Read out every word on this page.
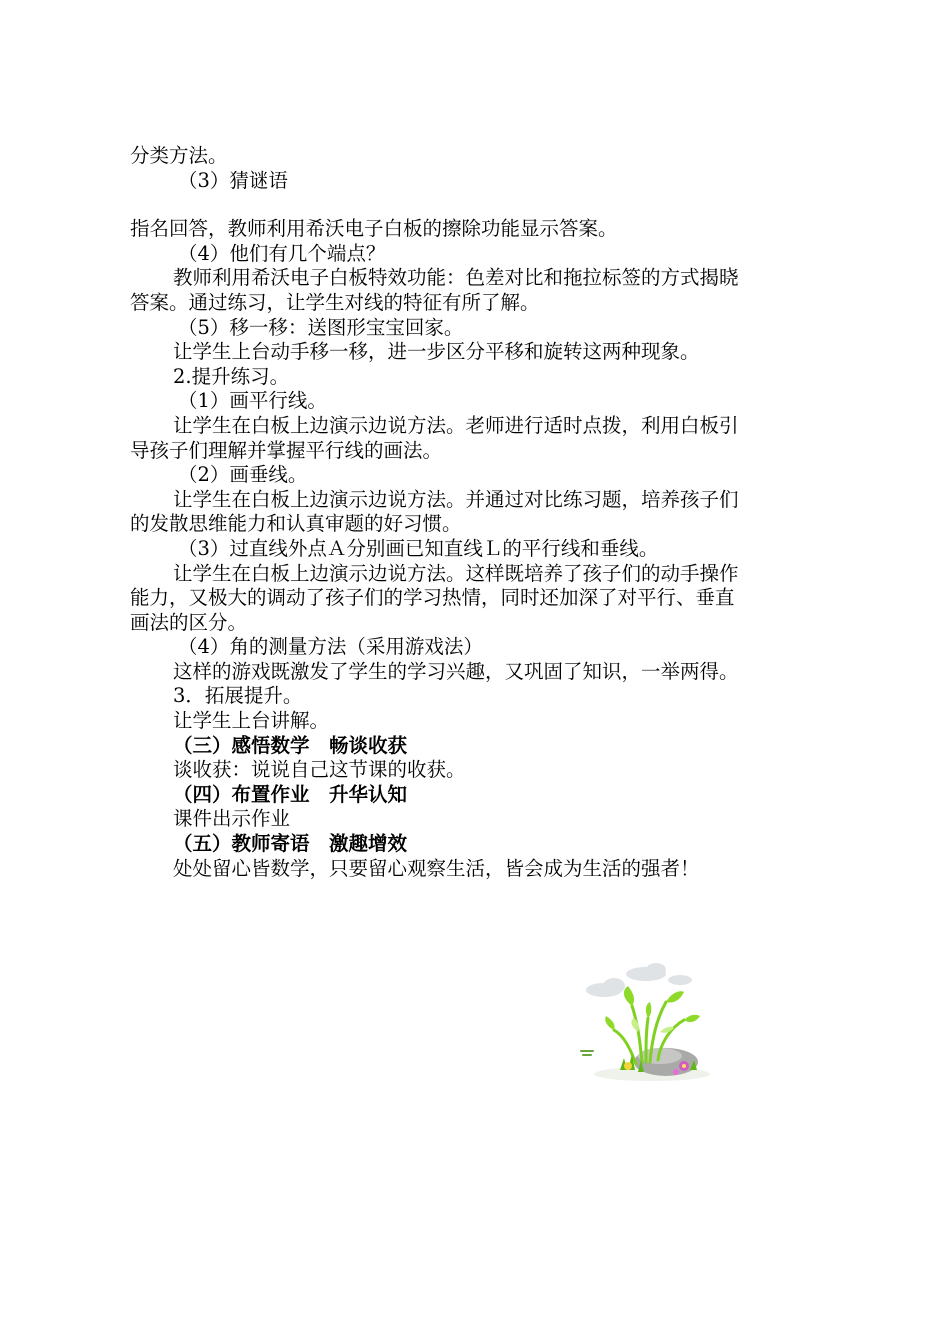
分类方法。
（3）猜谜语
指名回答，教师利用希沃电子白板的擦除功能显示答案。
（4）他们有几个端点？
教师利用希沃电子白板特效功能：色差对比和拖拉标签的方式揭晓
答案。通过练习，让学生对线的特征有所了解。
（5）移一移：送图形宝宝回家。
让学生上台动手移一移，进一步区分平移和旋转这两种现象。
2.提升练习。
（1）画平行线。
让学生在白板上边演示边说方法。老师进行适时点拨，利用白板引
导孩子们理解并掌握平行线的画法。
（2）画垂线。
让学生在白板上边演示边说方法。并通过对比练习题，培养孩子们
的发散思维能力和认真审题的好习惯。
（3）过直线外点Ａ分别画已知直线Ｌ的平行线和垂线。
让学生在白板上边演示边说方法。这样既培养了孩子们的动手操作
能力，又极大的调动了孩子们的学习热情，同时还加深了对平行、垂直
画法的区分。
（4）角的测量方法（采用游戏法）
这样的游戏既激发了学生的学习兴趣，又巩固了知识，一举两得。
3．拓展提升。
让学生上台讲解。
（三）感悟数学　畅谈收获
谈收获：说说自己这节课的收获。
（四）布置作业　升华认知
课件出示作业
（五）教师寄语　激趣增效
处处留心皆数学，只要留心观察生活，皆会成为生活的强者！
